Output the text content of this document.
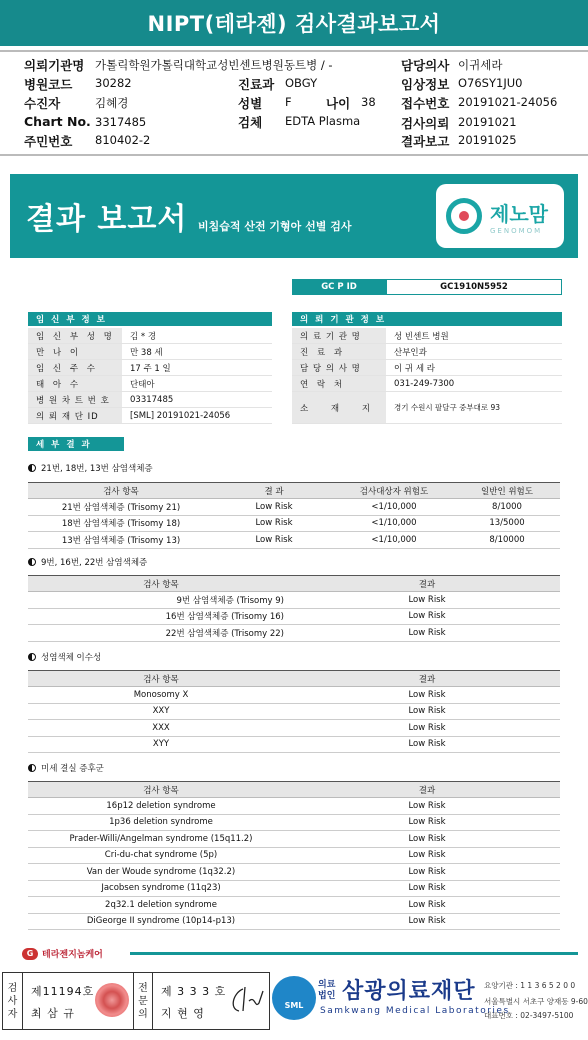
NIPT(테라젠) 검사결과보고서
의뢰기관명 가톨릭학원가톨릭대학교성빈센트병원동트병 / -	담당의사 이귀세라
병원코드 30282	진료과 OBGY	임상정보 O76SY1JU0
수진자	김혜경	성별 F	나이 38 접수번호 20191021-24056
Chart No. 3317485	검체 EDTA Plasma	검사의뢰 20191021
주민번호 810402-2	결과보고 20191025
결과 보고서 비침습적 산전 기형아 선별 검사
제노맘
GENOMOM
GC P ID	GC1910N5952
임 신 부 정 보	의 뢰 기 관 정 보
임 신 부 성 명	김 * 경
만 나 이	만 38 세
임 신 주 수	17 주 1 일
태 아 수	단태아
병 원 차 트 번 호	03317485
의 뢰 재 단 ID	[SML] 20191021-24056
의 료 기 관 명	성 빈센트 병원
진 료 과	산부인과
담 당 의 사 명	이 귀 세 라
연 락 처	031-249-7300
소 재 지	경기 수원시 팔달구 중부대로 93
세 부 결 과
21번, 18번, 13번 삼염색체증
검사 항목	결 과	검사대상자 위험도	일반인 위험도
21번 삼염색체증 (Trisomy 21)	Low Risk	<1/10,000	8/1000
18번 삼염색체증 (Trisomy 18)	Low Risk	<1/10,000	13/5000
13번 삼염색체증 (Trisomy 13)	Low Risk	<1/10,000	8/10000
9번, 16번, 22번 삼염색체증
검사 항목	결과
9번 삼염색체증 (Trisomy 9)	Low Risk
16번 삼염색체증 (Trisomy 16)	Low Risk
22번 삼염색체증 (Trisomy 22)	Low Risk
성염색체 이수성
검사 항목	결과
Monosomy X	Low Risk
XXY	Low Risk
XXX	Low Risk
XYY	Low Risk
미세 결실 증후군
검사 항목	결과
16p12 deletion syndrome	Low Risk
1p36 deletion syndrome	Low Risk
Prader-Willi/Angelman syndrome (15q11.2)	Low Risk
Cri-du-chat syndrome (5p)	Low Risk
Van der Woude syndrome (1q32.2)	Low Risk
Jacobsen syndrome (11q23)	Low Risk
2q32.1 deletion syndrome	Low Risk
DiGeorge II syndrome (10p14-p13)	Low Risk
G 테라젠지놈케어
검
사
자
제11194호
최 삼 규
전
문
의
제 3 3 3 호
지 현 영
SML
의료
법인 삼광의료재단
Samkwang Medical Laboratories
요양기관 : 1 1 3 6 5 2 0 0
서울특별시 서초구 양재동 9-60
대표번호 : 02-3497-5100
